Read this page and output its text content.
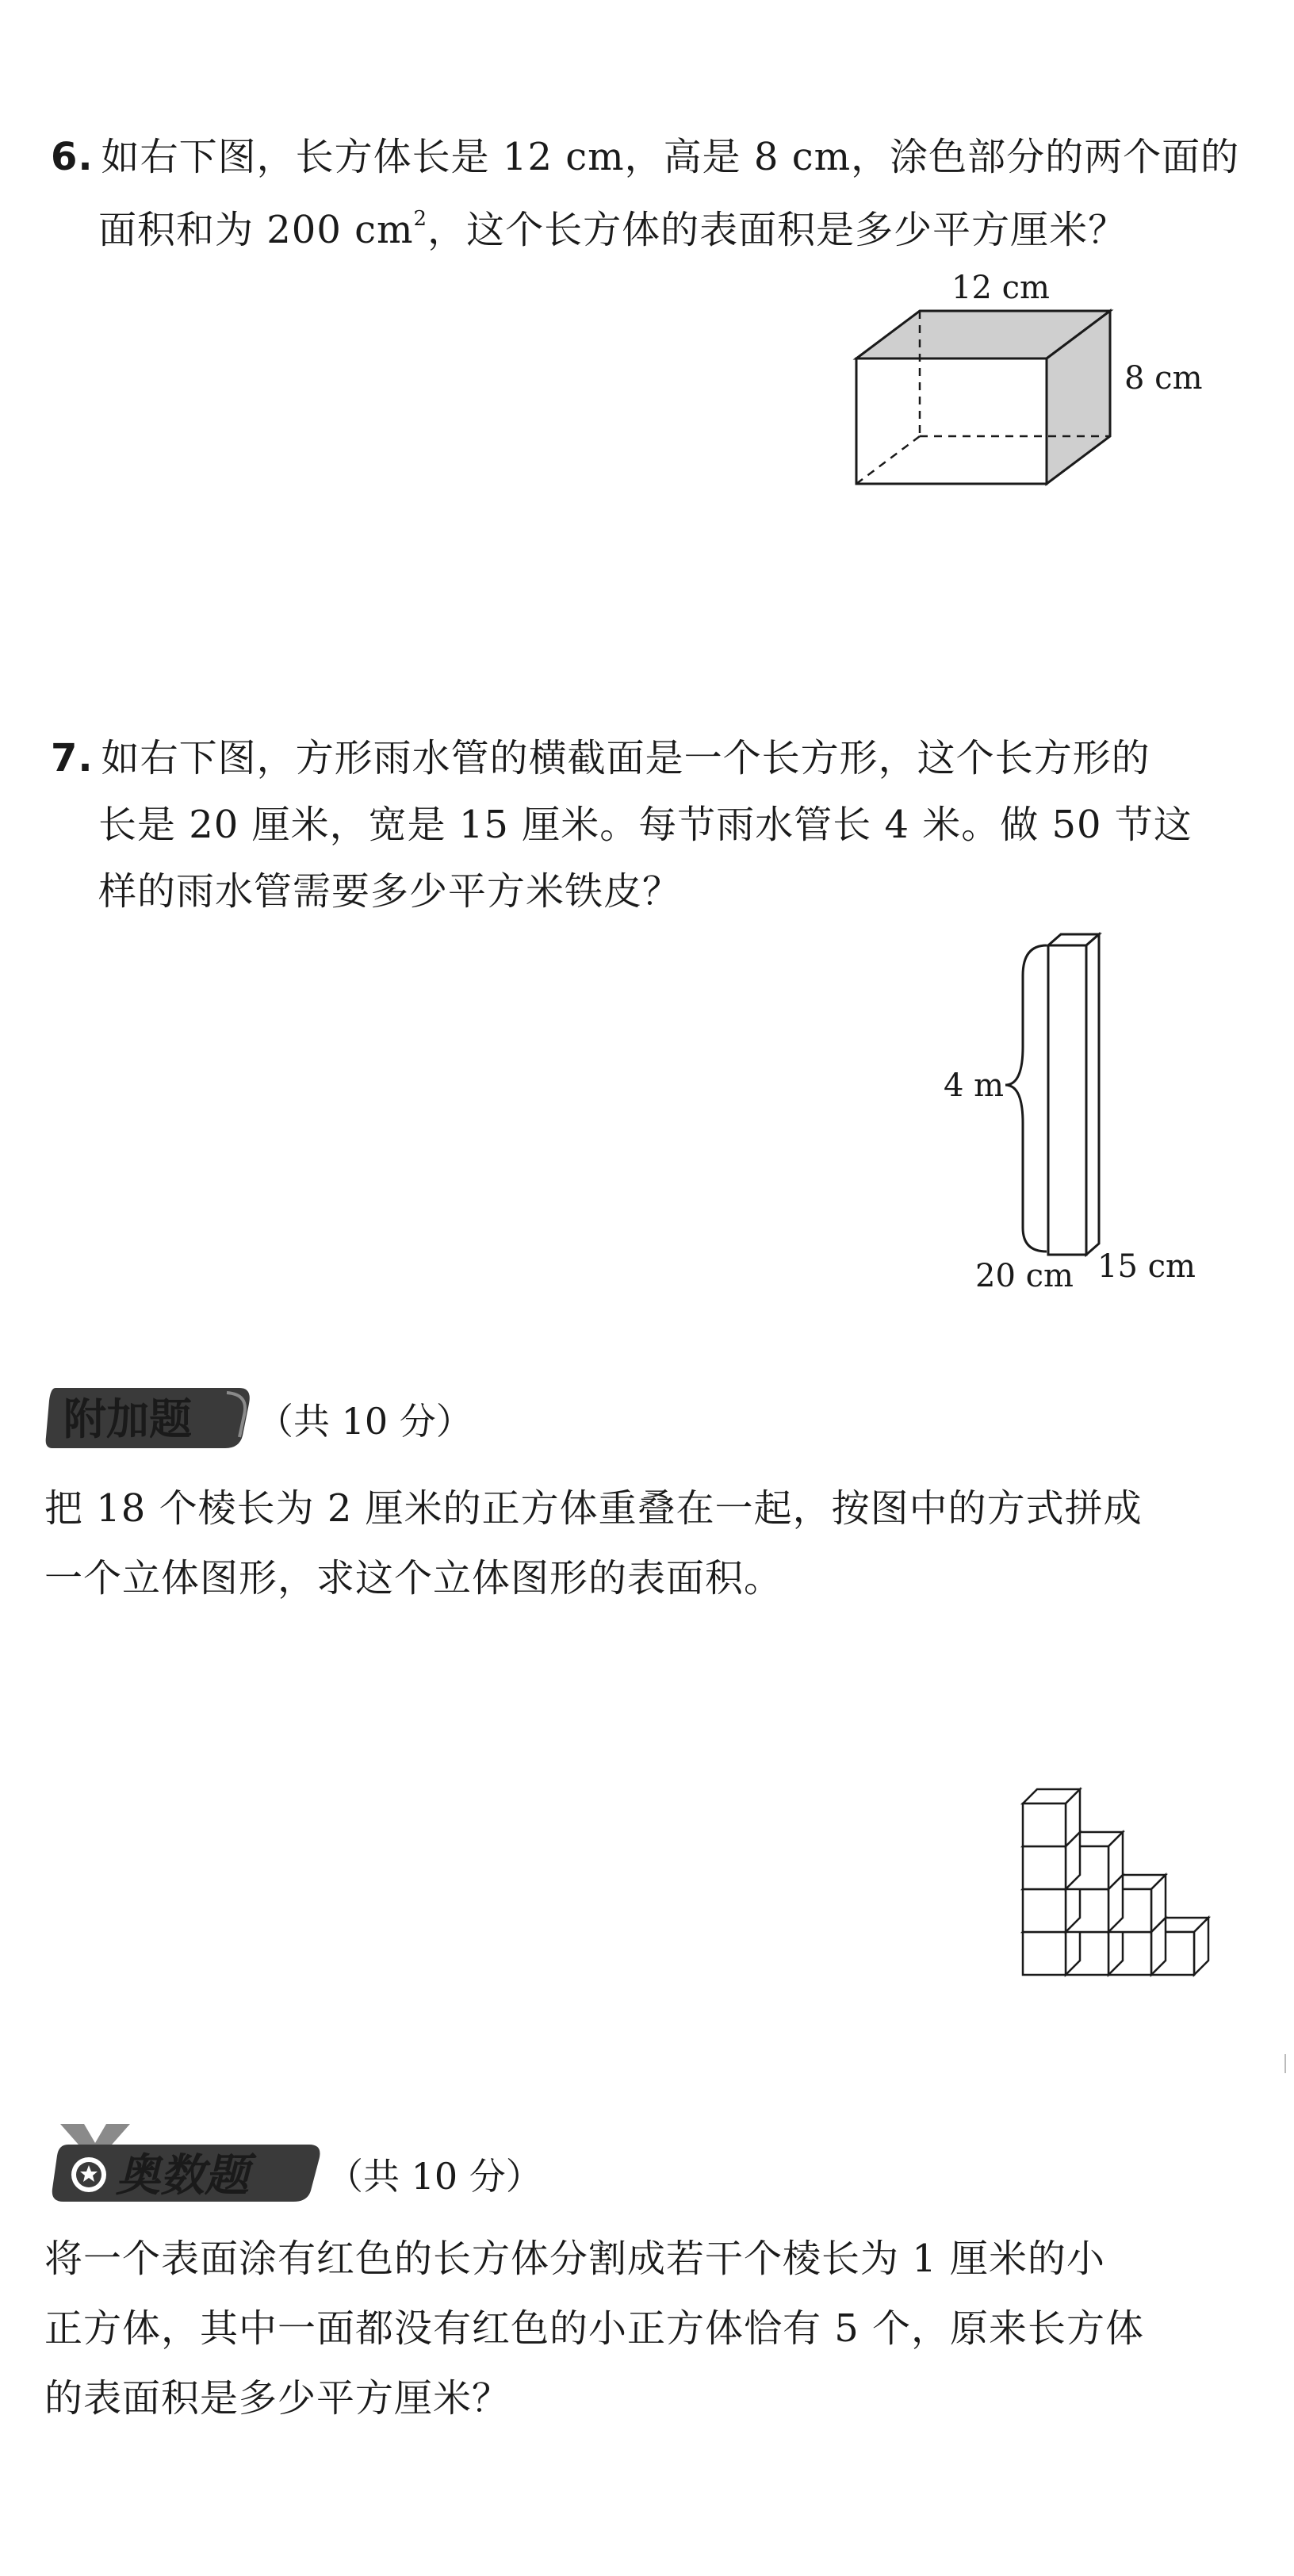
6. 如右下图，长方体长是 12 cm，高是 8 cm，涂色部分的两个面的
面积和为 200 $cm^2$，这个长方体的表面积是多少平方厘米？
12 cm
8 cm
7. 如右下图，方形雨水管的横截面是一个长方形，这个长方形的
长是 20 厘米，宽是 15 厘米。每节雨水管长 4 米。做 50 节这
样的雨水管需要多少平方米铁皮？
4 m
20 cm 15 cm
附加题 （共 10 分）
把 18 个棱长为 2 厘米的正方体重叠在一起，按图中的方式拼成
一个立体图形，求这个立体图形的表面积。
奥数题 （共 10 分）
将一个表面涂有红色的长方体分割成若干个棱长为 1 厘米的小
正方体，其中一面都没有红色的小正方体恰有 5 个，原来长方体
的表面积是多少平方厘米？
